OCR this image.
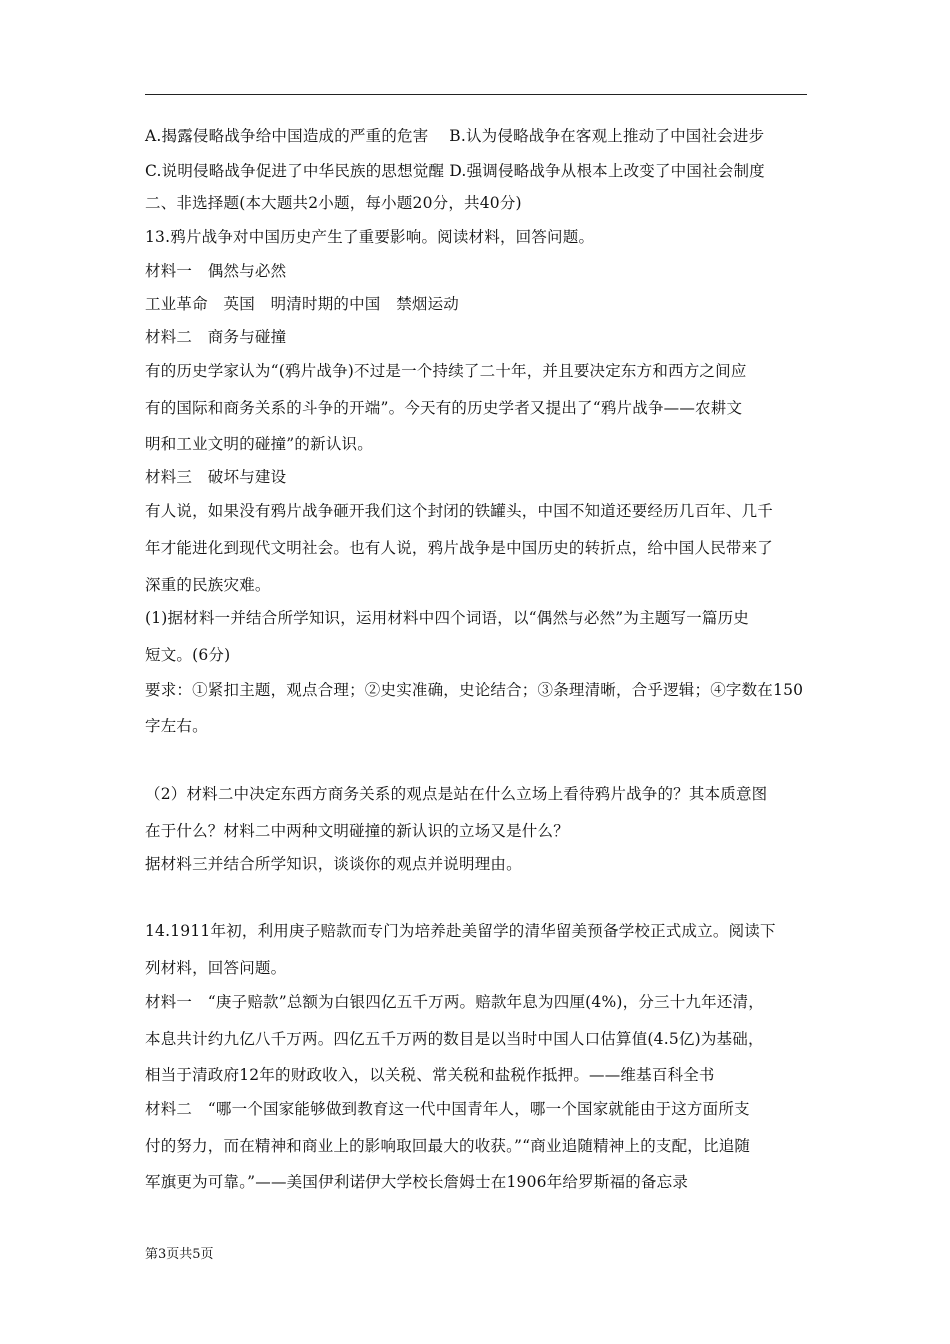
A.揭露侵略战争给中国造成的严重的危害　 B.认为侵略战争在客观上推动了中国社会进步
C.说明侵略战争促进了中华民族的思想觉醒 D.强调侵略战争从根本上改变了中国社会制度
二、非选择题(本大题共2小题，每小题20分，共40分)
13.鸦片战争对中国历史产生了重要影响。阅读材料，回答问题。
材料一　偶然与必然
工业革命　英国　明清时期的中国　禁烟运动
材料二　商务与碰撞
有的历史学家认为“(鸦片战争)不过是一个持续了二十年，并且要决定东方和西方之间应
有的国际和商务关系的斗争的开端”。今天有的历史学者又提出了“鸦片战争——农耕文
明和工业文明的碰撞”的新认识。
材料三　破坏与建设
有人说，如果没有鸦片战争砸开我们这个封闭的铁罐头，中国不知道还要经历几百年、几千
年才能进化到现代文明社会。也有人说，鸦片战争是中国历史的转折点，给中国人民带来了
深重的民族灾难。
(1)据材料一并结合所学知识，运用材料中四个词语，以“偶然与必然”为主题写一篇历史
短文。(6分)
要求：①紧扣主题，观点合理；②史实准确，史论结合；③条理清晰，合乎逻辑；④字数在150
字左右。
（2）材料二中决定东西方商务关系的观点是站在什么立场上看待鸦片战争的？其本质意图
在于什么？材料二中两种文明碰撞的新认识的立场又是什么？
据材料三并结合所学知识，谈谈你的观点并说明理由。
14.1911年初，利用庚子赔款而专门为培养赴美留学的清华留美预备学校正式成立。阅读下
列材料，回答问题。
材料一　“庚子赔款”总额为白银四亿五千万两。赔款年息为四厘(4%)，分三十九年还清，
本息共计约九亿八千万两。四亿五千万两的数目是以当时中国人口估算值(4.5亿)为基础，
相当于清政府12年的财政收入，以关税、常关税和盐税作抵押。——维基百科全书
材料二　“哪一个国家能够做到教育这一代中国青年人，哪一个国家就能由于这方面所支
付的努力，而在精神和商业上的影响取回最大的收获。”“商业追随精神上的支配，比追随
军旗更为可靠。”——美国伊利诺伊大学校长詹姆士在1906年给罗斯福的备忘录
第3页共5页
